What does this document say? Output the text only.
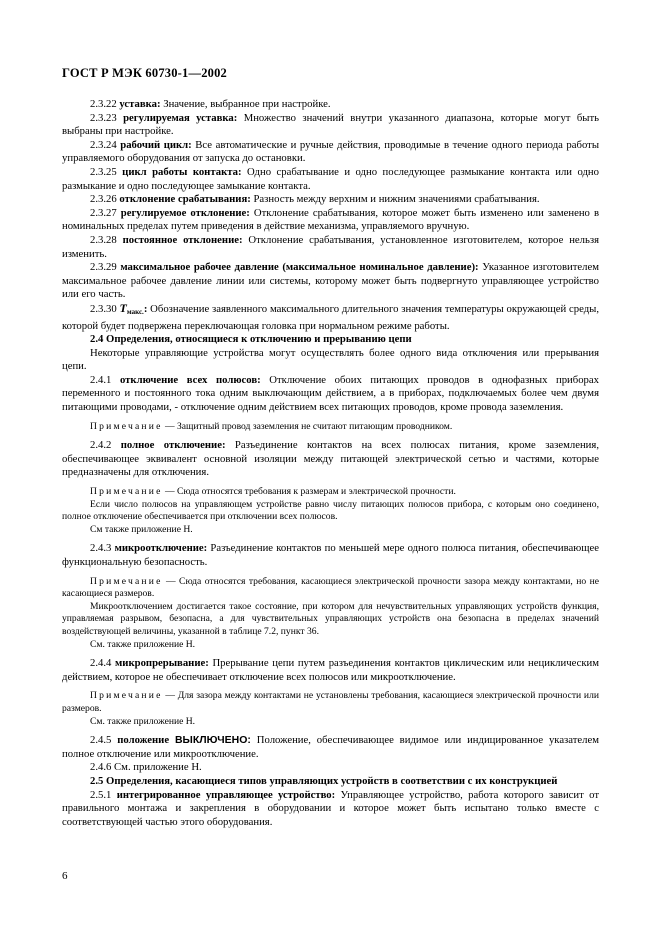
ГОСТ Р МЭК 60730-1—2002

2.3.22 уставка: Значение, выбранное при настройке.

2.3.23 регулируемая уставка: Множество значений внутри указанного диапазона, которые могут быть выбраны при настройке.

2.3.24 рабочий цикл: Все автоматические и ручные действия, проводимые в течение одного периода работы управляемого оборудования от запуска до остановки.

2.3.25 цикл работы контакта: Одно срабатывание и одно последующее размыкание контакта или одно размыкание и одно последующее замыкание контакта.

2.3.26 отклонение срабатывания: Разность между верхним и нижним значениями срабатывания.

2.3.27 регулируемое отклонение: Отклонение срабатывания, которое может быть изменено или заменено в номинальных пределах путем приведения в действие механизма, управляемого вручную.

2.3.28 постоянное отклонение: Отклонение срабатывания, установленное изготовителем, которое нельзя изменить.

2.3.29 максимальное рабочее давление (максимальное номинальное давление): Указанное изготовителем максимальное рабочее давление линии или системы, которому может быть подвергнуто управляющее устройство или его часть.

2.3.30 $T_{макс.}$: Обозначение заявленного максимального длительного значения температуры окружающей среды, которой будет подвержена переключающая головка при нормальном режиме работы.

2.4 Определения, относящиеся к отключению и прерыванию цепи

Некоторые управляющие устройства могут осуществлять более одного вида отключения или прерывания цепи.

2.4.1 отключение всех полюсов: Отключение обоих питающих проводов в однофазных приборах переменного и постоянного тока одним выключающим действием, а в приборах, подключаемых более чем двумя питающими проводами, - отключение одним действием всех питающих проводов, кроме провода заземления.

Примечание — Защитный провод заземления не считают питающим проводником.

2.4.2 полное отключение: Разъединение контактов на всех полюсах питания, кроме заземления, обеспечивающее эквивалент основной изоляции между питающей электрической сетью и частями, которые предназначены для отключения.

Примечание — Сюда относятся требования к размерам и электрической прочности.

Если число полюсов на управляющем устройстве равно числу питающих полюсов прибора, с которым оно соединено, полное отключение обеспечивается при отключении всех полюсов.

См также приложение Н.

2.4.3 микроотключение: Разъединение контактов по меньшей мере одного полюса питания, обеспечивающее функциональную безопасность.

Примечание — Сюда относятся требования, касающиеся электрической прочности зазора между контактами, но не касающиеся размеров.

Микроотключением достигается такое состояние, при котором для нечувствительных управляющих устройств функция, управляемая разрывом, безопасна, а для чувствительных управляющих устройств она безопасна в пределах значений воздействующей величины, указанной в таблице 7.2, пункт 36.

См. также приложение Н.

2.4.4 микропрерывание: Прерывание цепи путем разъединения контактов циклическим или нециклическим действием, которое не обеспечивает отключение всех полюсов или микроотключение.

Примечание — Для зазора между контактами не установлены требования, касающиеся электрической прочности или размеров.

См. также приложение Н.

2.4.5 положение ВЫКЛЮЧЕНО: Положение, обеспечивающее видимое или индицированное указателем полное отключение или микроотключение.

2.4.6 См. приложение Н.

2.5 Определения, касающиеся типов управляющих устройств в соответствии с их конструкцией

2.5.1 интегрированное управляющее устройство: Управляющее устройство, работа которого зависит от правильного монтажа и закрепления в оборудовании и которое может быть испытано только вместе с соответствующей частью этого оборудования.

6
